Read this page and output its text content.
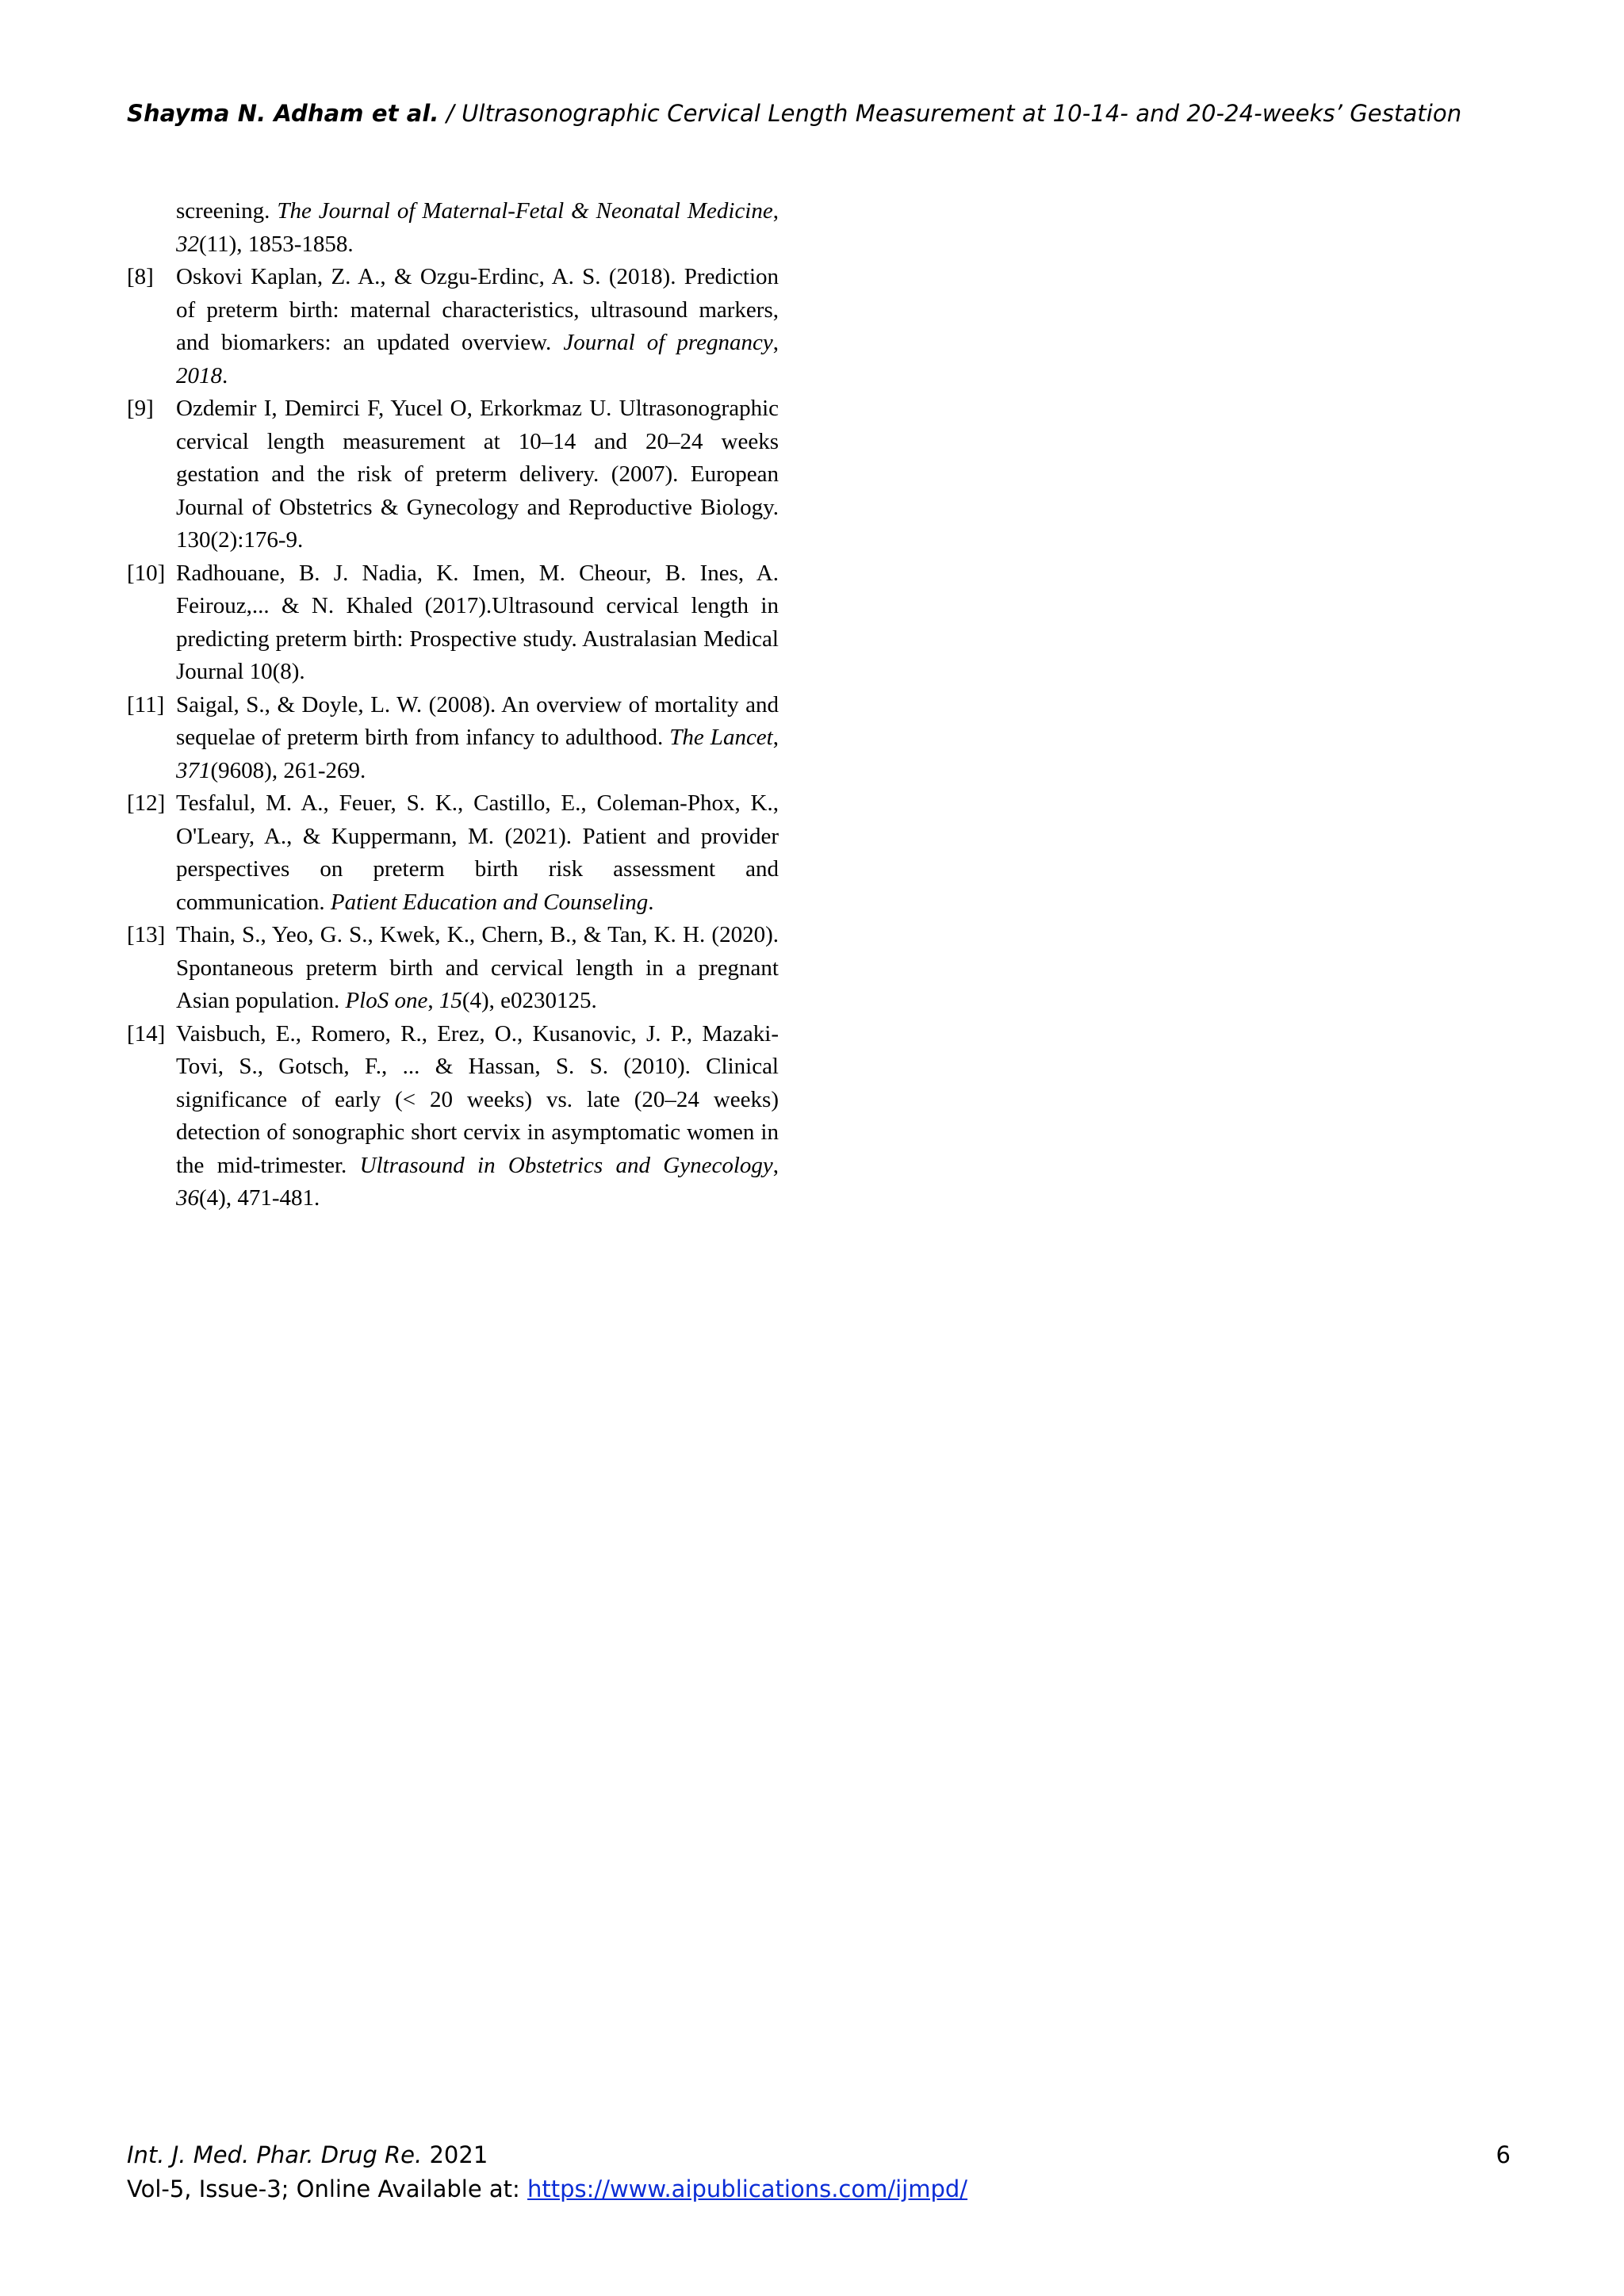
Shayma N. Adham et al. / Ultrasonographic Cervical Length Measurement at 10-14- and 20-24-weeks’ Gestation
screening. The Journal of Maternal-Fetal & Neonatal Medicine, 32(11), 1853-1858.
[8] Oskovi Kaplan, Z. A., & Ozgu-Erdinc, A. S. (2018). Prediction of preterm birth: maternal characteristics, ultrasound markers, and biomarkers: an updated overview. Journal of pregnancy, 2018.
[9] Ozdemir I, Demirci F, Yucel O, Erkorkmaz U. Ultrasonographic cervical length measurement at 10–14 and 20–24 weeks gestation and the risk of preterm delivery. (2007). European Journal of Obstetrics & Gynecology and Reproductive Biology. 130(2):176-9.
[10] Radhouane, B. J. Nadia, K. Imen, M. Cheour, B. Ines, A. Feirouz,... & N. Khaled (2017).Ultrasound cervical length in predicting preterm birth: Prospective study. Australasian Medical Journal 10(8).
[11] Saigal, S., & Doyle, L. W. (2008). An overview of mortality and sequelae of preterm birth from infancy to adulthood. The Lancet, 371(9608), 261-269.
[12] Tesfalul, M. A., Feuer, S. K., Castillo, E., Coleman-Phox, K., O'Leary, A., & Kuppermann, M. (2021). Patient and provider perspectives on preterm birth risk assessment and communication. Patient Education and Counseling.
[13] Thain, S., Yeo, G. S., Kwek, K., Chern, B., & Tan, K. H. (2020). Spontaneous preterm birth and cervical length in a pregnant Asian population. PloS one, 15(4), e0230125.
[14] Vaisbuch, E., Romero, R., Erez, O., Kusanovic, J. P., Mazaki-Tovi, S., Gotsch, F., ... & Hassan, S. S. (2010). Clinical significance of early (< 20 weeks) vs. late (20–24 weeks) detection of sonographic short cervix in asymptomatic women in the mid-trimester. Ultrasound in Obstetrics and Gynecology, 36(4), 471-481.
Int. J. Med. Phar. Drug Re. 2021	6
Vol-5, Issue-3; Online Available at: https://www.aipublications.com/ijmpd/
